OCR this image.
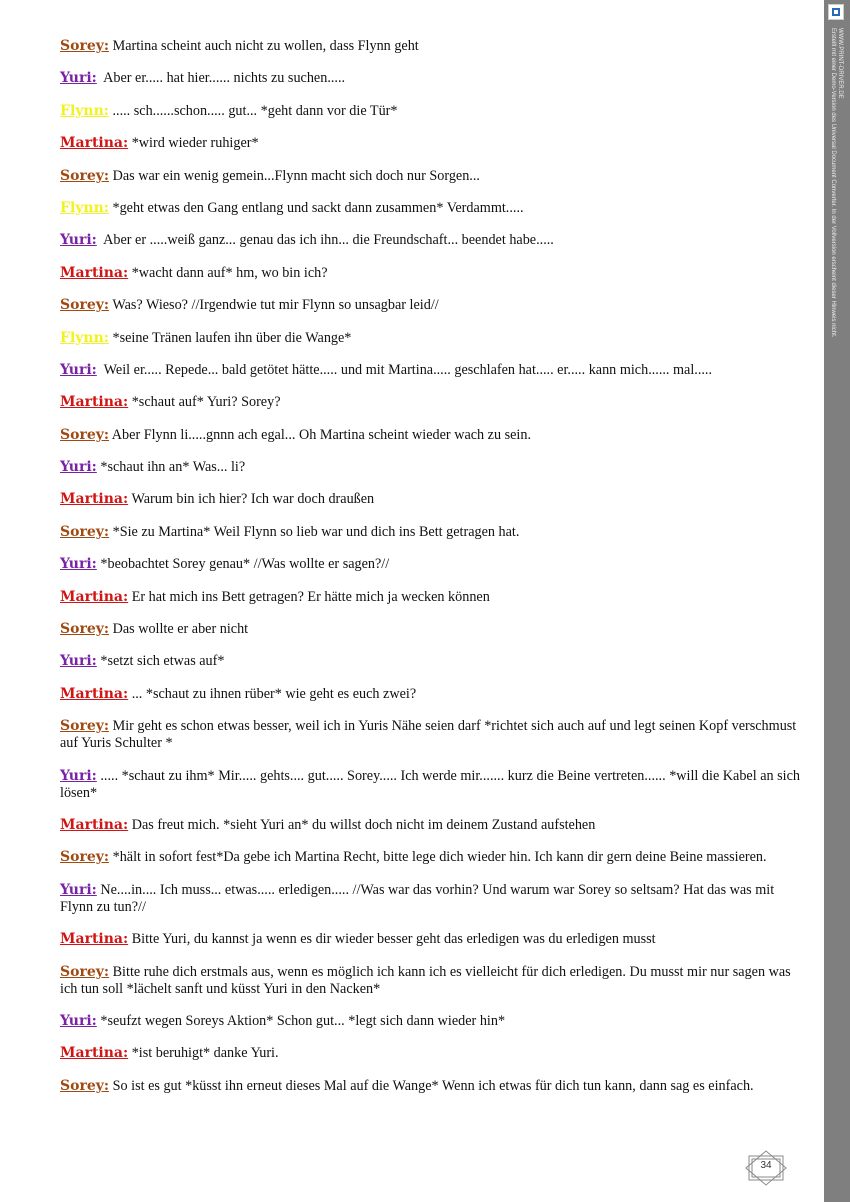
Sorey: Martina scheint auch nicht zu wollen, dass Flynn geht
Yuri:  Aber er..... hat hier...... nichts zu suchen.....
Flynn: ..... sch......schon..... gut... *geht dann vor die Tür*
Martina: *wird wieder ruhiger*
Sorey: Das war ein wenig gemein...Flynn macht sich doch nur Sorgen...
Flynn: *geht etwas den Gang entlang und sackt dann zusammen* Verdammt.....
Yuri:  Aber er .....weiß ganz... genau das ich ihn... die Freundschaft... beendet habe.....
Martina: *wacht dann auf* hm, wo bin ich?
Sorey: Was? Wieso? //Irgendwie tut mir Flynn so unsagbar leid//
Flynn: *seine Tränen laufen ihn über die Wange*
Yuri:  Weil er..... Repede... bald getötet hätte..... und mit Martina..... geschlafen hat..... er..... kann mich...... mal.....
Martina: *schaut auf* Yuri? Sorey?
Sorey: Aber Flynn li.....gnnn ach egal... Oh Martina scheint wieder wach zu sein.
Yuri: *schaut ihn an* Was... li?
Martina: Warum bin ich hier? Ich war doch draußen
Sorey: *Sie zu Martina* Weil Flynn so lieb war und dich ins Bett getragen hat.
Yuri: *beobachtet Sorey genau* //Was wollte er sagen?//
Martina: Er hat mich ins Bett getragen? Er hätte mich ja wecken können
Sorey: Das wollte er aber nicht
Yuri: *setzt sich etwas auf*
Martina: ... *schaut zu ihnen rüber* wie geht es euch zwei?
Sorey: Mir geht es schon etwas besser, weil ich in Yuris Nähe seien darf *richtet sich auch auf und legt seinen Kopf verschmust auf Yuris Schulter *
Yuri: ..... *schaut zu ihm* Mir..... gehts.... gut..... Sorey..... Ich werde mir....... kurz die Beine vertreten...... *will die Kabel an sich lösen*
Martina: Das freut mich. *sieht Yuri an* du willst doch nicht im deinem Zustand aufstehen
Sorey: *hält in sofort fest*Da gebe ich Martina Recht, bitte lege dich wieder hin. Ich kann dir gern deine Beine massieren.
Yuri: Ne....in.... Ich muss... etwas..... erledigen..... //Was war das vorhin? Und warum war Sorey so seltsam? Hat das was mit Flynn zu tun?//
Martina: Bitte Yuri, du kannst ja wenn es dir wieder besser geht das erledigen was du erledigen musst
Sorey: Bitte ruhe dich erstmals aus, wenn es möglich ich kann ich es vielleicht für dich erledigen. Du musst mir nur sagen was ich tun soll *lächelt sanft und küsst Yuri in den Nacken*
Yuri: *seufzt wegen Soreys Aktion* Schon gut... *legt sich dann wieder hin*
Martina: *ist beruhigt* danke Yuri.
Sorey: So ist es gut *küsst ihn erneut dieses Mal auf die Wange* Wenn ich etwas für dich tun kann, dann sag es einfach.
Erstellt mit einer Demo-Version des Universal Document Converter. In der Vollversion erscheint dieser Hinweis nicht. WWW.PRINT-DRIVER.DE
34
